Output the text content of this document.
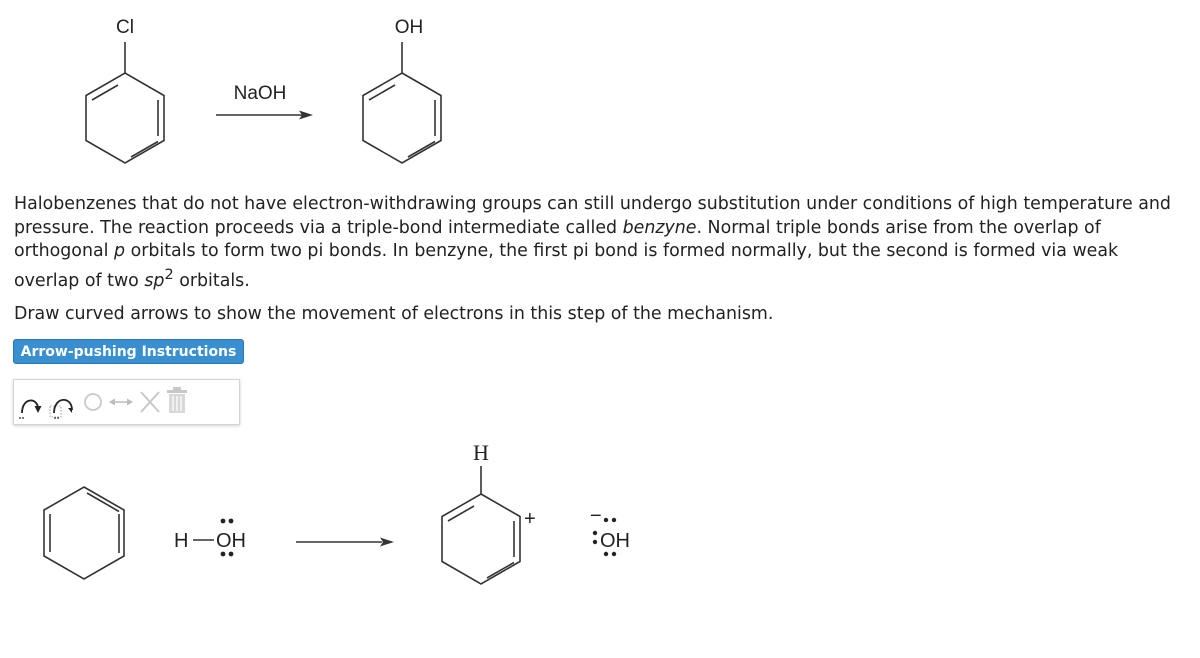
Cl
NaOH
OH

Halobenzenes that do not have electron-withdrawing groups can still undergo substitution under conditions of high temperature and pressure. The reaction proceeds via a triple-bond intermediate called benzyne. Normal triple bonds arise from the overlap of orthogonal p orbitals to form two pi bonds. In benzyne, the first pi bond is formed normally, but the second is formed via weak overlap of two $sp^2$ orbitals.

Draw curved arrows to show the movement of electrons in this step of the mechanism.

Arrow-pushing Instructions
H OH
H
+
OH
−
